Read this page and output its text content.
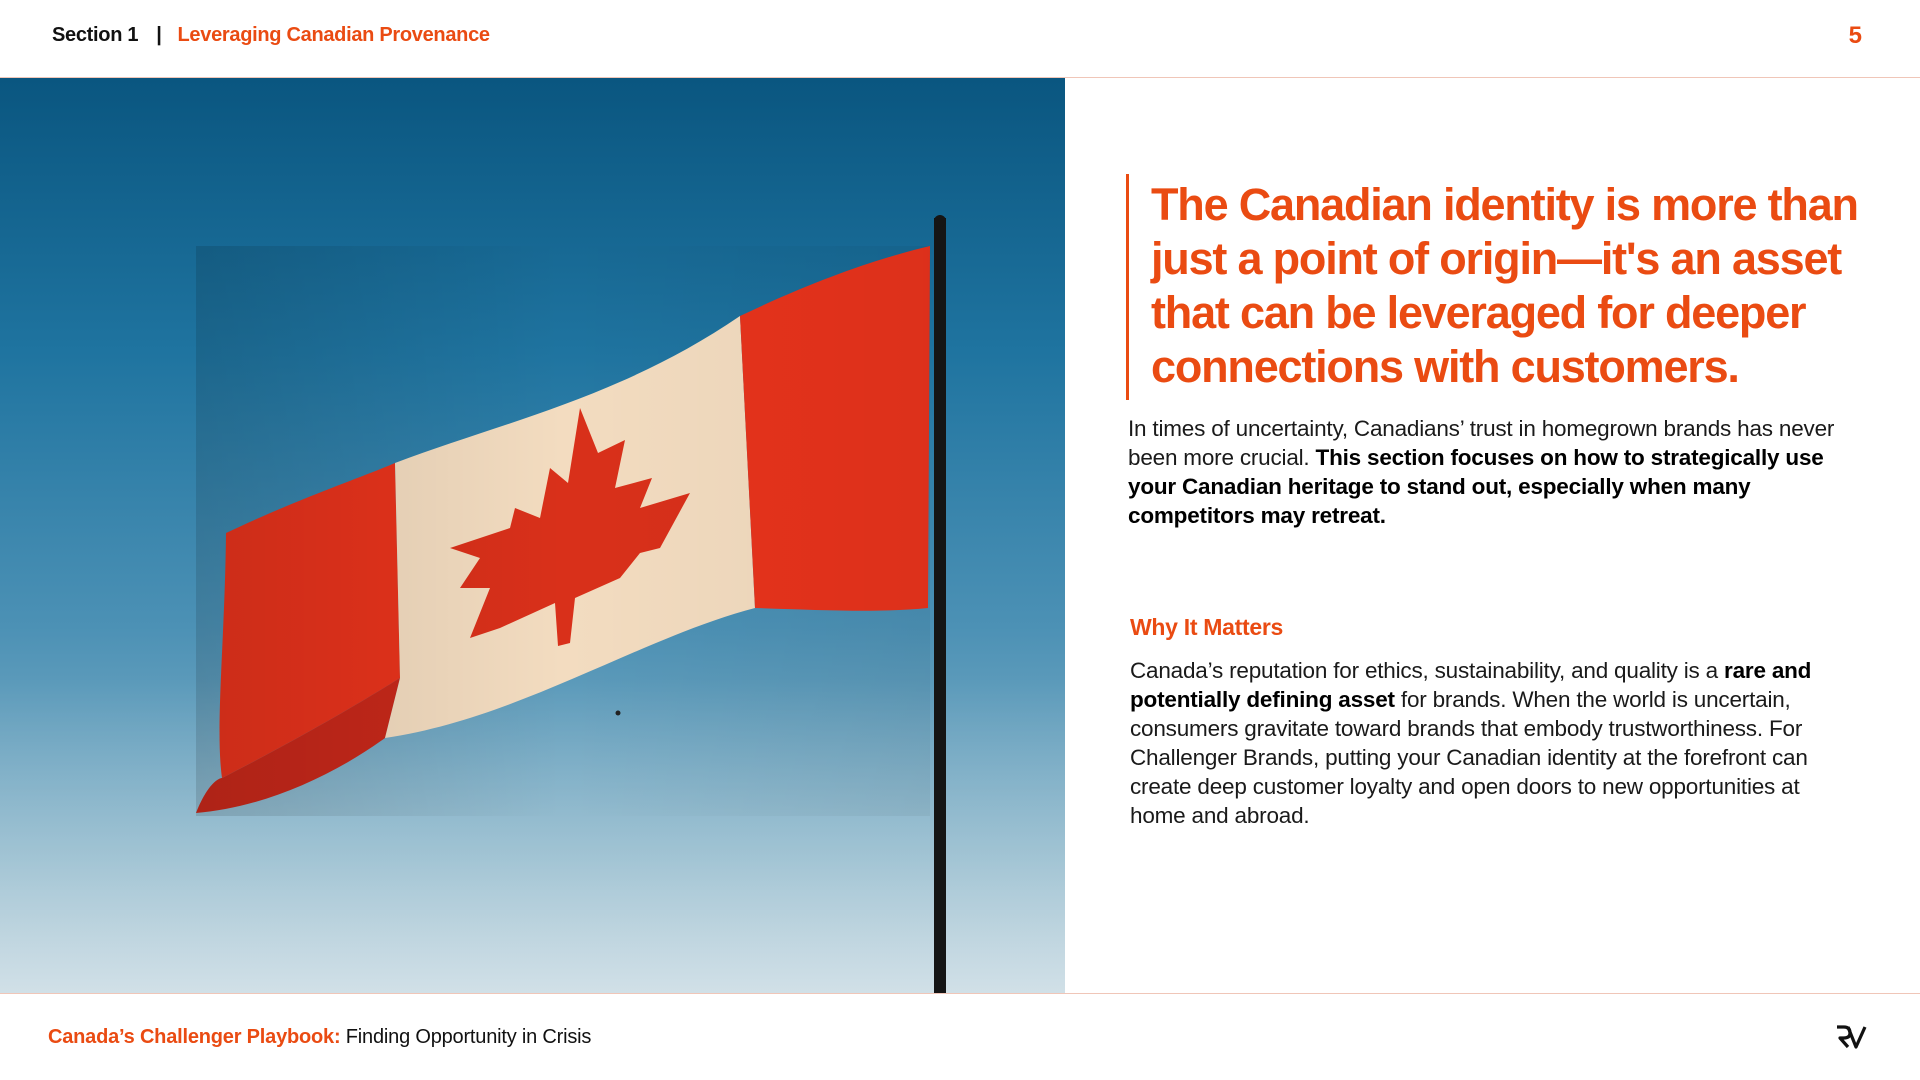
Section 1 | Leveraging Canadian Provenance	5
The Canadian identity is more than just a point of origin—it's an asset that can be leveraged for deeper connections with customers.
In times of uncertainty, Canadians’ trust in homegrown brands has never been more crucial. This section focuses on how to strategically use your Canadian heritage to stand out, especially when many competitors may retreat.
Why It Matters
Canada’s reputation for ethics, sustainability, and quality is a rare and potentially defining asset for brands. When the world is uncertain, consumers gravitate toward brands that embody trustworthiness. For Challenger Brands, putting your Canadian identity at the forefront can create deep customer loyalty and open doors to new opportunities at home and abroad.
Canada’s Challenger Playbook: Finding Opportunity in Crisis
